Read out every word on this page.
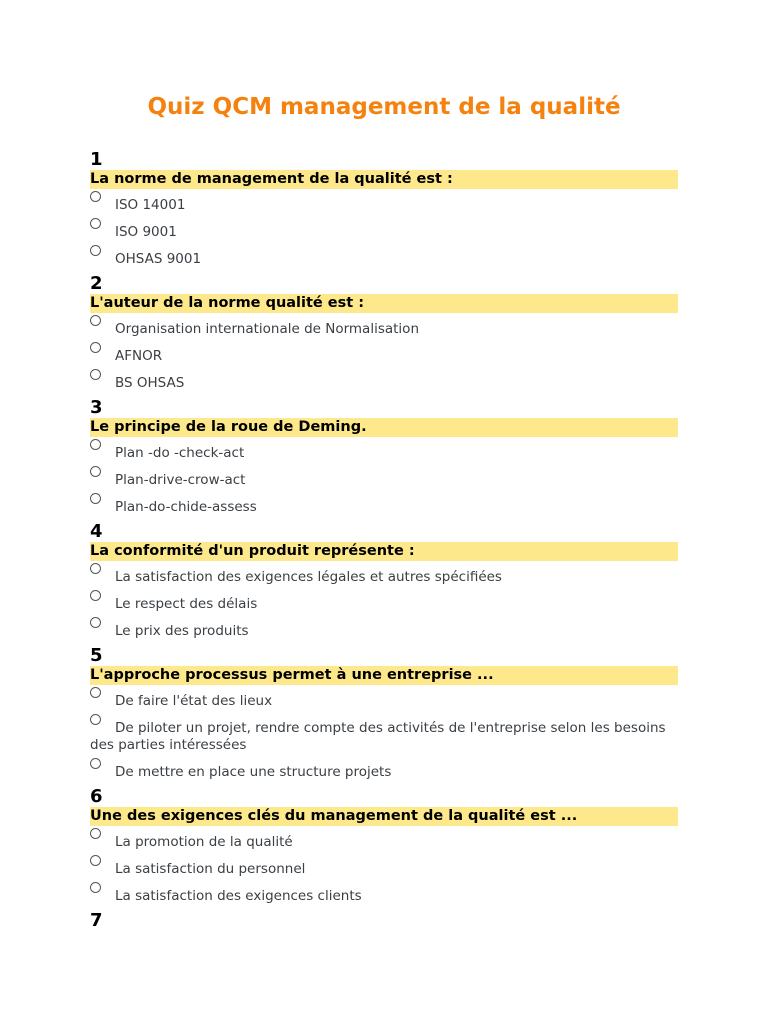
Quiz QCM management de la qualité
1
La norme de management de la qualité est :
ISO 14001
ISO 9001
OHSAS 9001
2
L'auteur de la norme qualité est :
Organisation internationale de Normalisation
AFNOR
BS OHSAS
3
Le principe de la roue de Deming.
Plan -do -check-act
Plan-drive-crow-act
Plan-do-chide-assess
4
La conformité d'un produit représente :
La satisfaction des exigences légales et autres spécifiées
Le respect des délais
Le prix des produits
5
L'approche processus permet à une entreprise ...
De faire l'état des lieux
De piloter un projet, rendre compte des activités de l'entreprise selon les besoins des parties intéressées
De mettre en place une structure projets
6
Une des exigences clés du management de la qualité est ...
La promotion de la qualité
La satisfaction du personnel
La satisfaction des exigences clients
7
